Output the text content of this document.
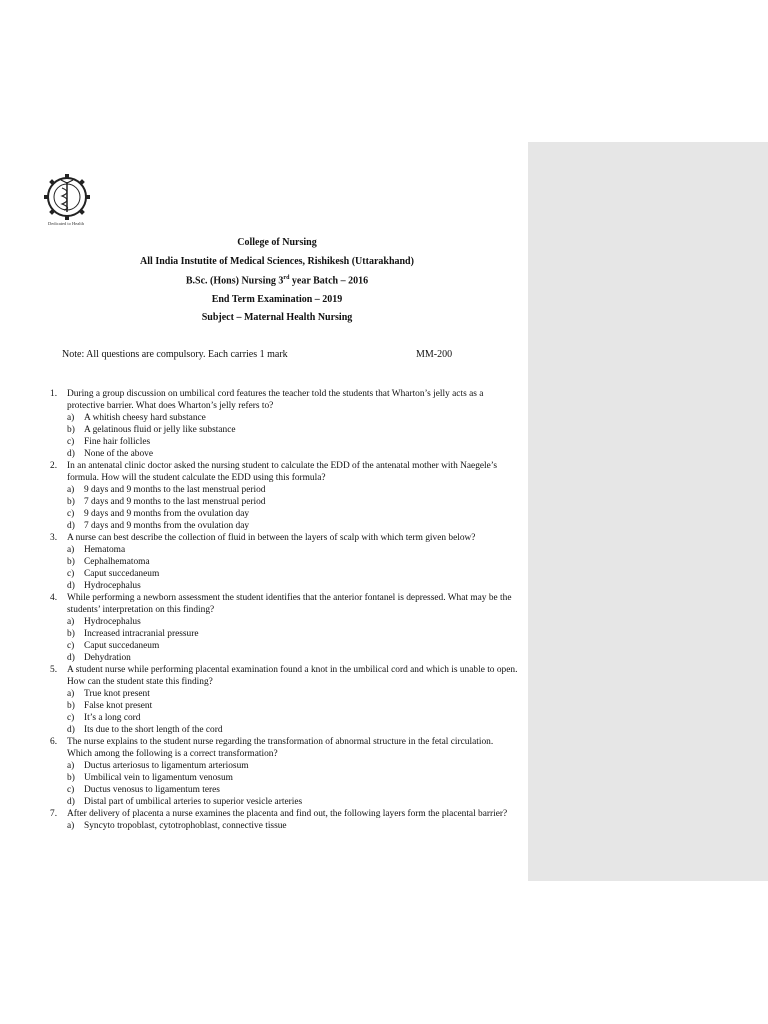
Dedicated to Health
College of Nursing
All India Instutite of Medical Sciences, Rishikesh (Uttarakhand)
B.Sc. (Hons) Nursing 3rd year Batch – 2016
End Term Examination – 2019
Subject – Maternal Health Nursing
Note: All questions are compulsory. Each carries 1 mark	MM-200
1.	During a group discussion on umbilical cord features the teacher told the students that Wharton’s jelly acts as a protective barrier. What does Wharton’s jelly refers to?
a)	A whitish cheesy hard substance
b) A gelatinous fluid or jelly like substance
c)	Fine hair follicles
d) None of the above
2.	In an antenatal clinic doctor asked the nursing student to calculate the EDD of the antenatal mother with Naegele’s formula. How will the student calculate the EDD using this formula?
a)	9 days and 9 months to the last menstrual period
b) 7 days and 9 months to the last menstrual period
c)	9 days and 9 months from the ovulation day
d) 7 days and 9 months from the ovulation day
3.	A nurse can best describe the collection of fluid in between the layers of scalp with which term given below?
a)	Hematoma
b) Cephalhematoma
c)	Caput succedaneum
d) Hydrocephalus
4.	While performing a newborn assessment the student identifies that the anterior fontanel is depressed. What may be the students’ interpretation on this finding?
a)	Hydrocephalus
b) Increased intracranial pressure
c)	Caput succedaneum
d) Dehydration
5.	A student nurse while performing placental examination found a knot in the umbilical cord and which is unable to open. How can the student state this finding?
a)	True knot present
b) False knot present
c)	It’s a long cord
d) Its due to the short length of the cord
6.	The nurse explains to the student nurse regarding the transformation of abnormal structure in the fetal circulation. Which among the following is a correct transformation?
a)	Ductus arteriosus to ligamentum arteriosum
b) Umbilical vein to ligamentum venosum
c)	Ductus venosus to ligamentum teres
d) Distal part of umbilical arteries to superior vesicle arteries
7.	After delivery of placenta a nurse examines the placenta and find out, the following layers form the placental barrier?
a)	Syncyto tropoblast, cytotrophoblast, connective tissue
